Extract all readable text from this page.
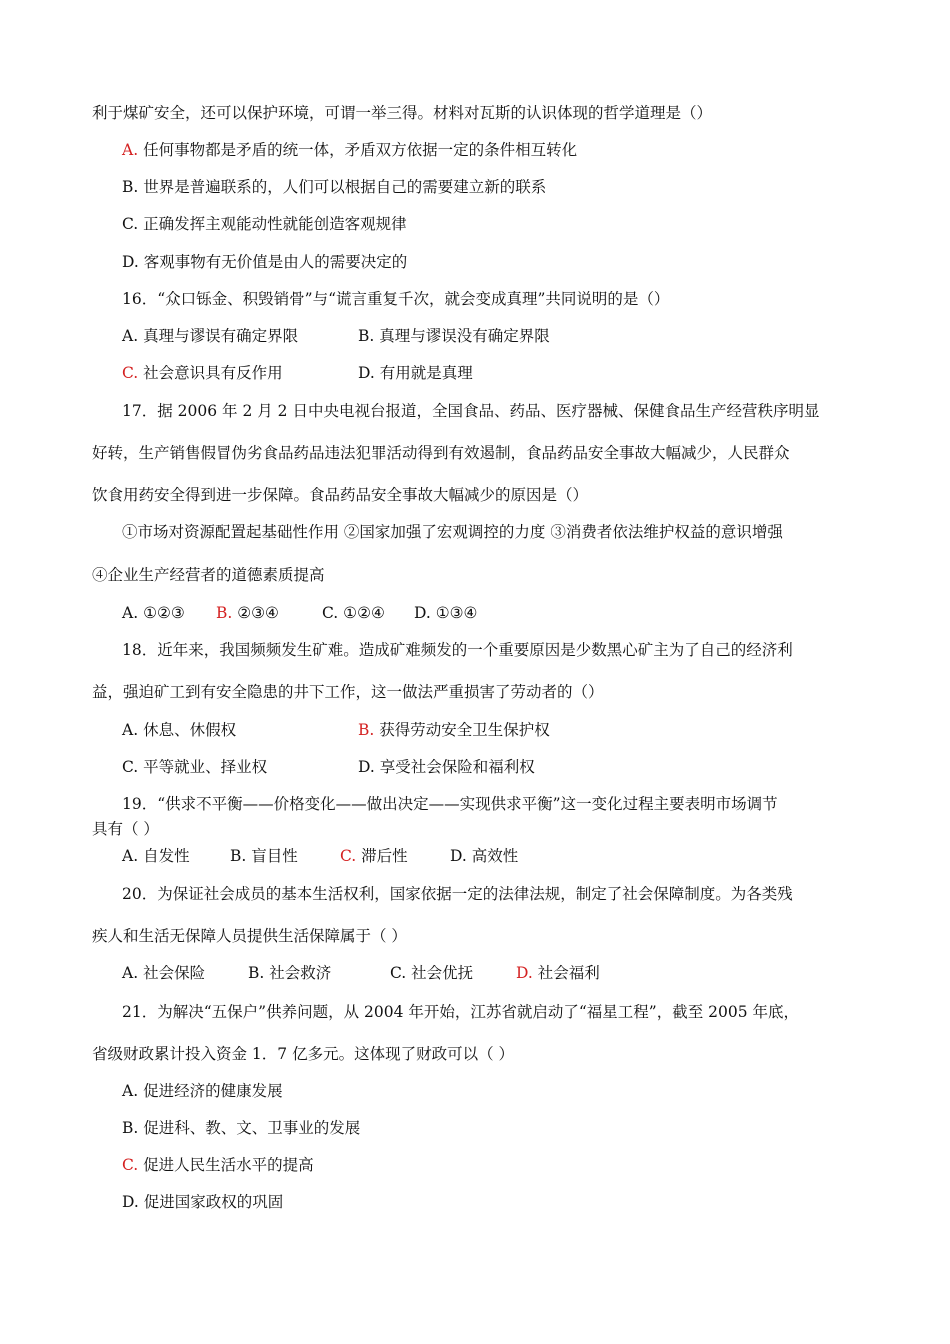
利于煤矿安全，还可以保护环境，可谓一举三得。材料对瓦斯的认识体现的哲学道理是（）
A. 任何事物都是矛盾的统一体，矛盾双方依据一定的条件相互转化
B. 世界是普遍联系的，人们可以根据自己的需要建立新的联系
C. 正确发挥主观能动性就能创造客观规律
D. 客观事物有无价值是由人的需要决定的
16．“众口铄金、积毁销骨”与“谎言重复千次，就会变成真理”共同说明的是（）
A. 真理与谬误有确定界限	B. 真理与谬误没有确定界限
C. 社会意识具有反作用	D. 有用就是真理
17．据 2006 年 2 月 2 日中央电视台报道，全国食品、药品、医疗器械、保健食品生产经营秩序明显
好转，生产销售假冒伪劣食品药品违法犯罪活动得到有效遏制，食品药品安全事故大幅减少，人民群众
饮食用药安全得到进一步保障。食品药品安全事故大幅减少的原因是（）
①市场对资源配置起基础性作用 ②国家加强了宏观调控的力度 ③消费者依法维护权益的意识增强
④企业生产经营者的道德素质提高
A. ①②③ B. ②③④	C. ①②④ D. ①③④
18．近年来，我国频频发生矿难。造成矿难频发的一个重要原因是少数黑心矿主为了自己的经济利
益，强迫矿工到有安全隐患的井下工作，这一做法严重损害了劳动者的（）
A. 休息、休假权	B. 获得劳动安全卫生保护权
C. 平等就业、择业权	D. 享受社会保险和福利权
19．“供求不平衡——价格变化——做出决定——实现供求平衡”这一变化过程主要表明市场调节
具有（ ）
A. 自发性	B. 盲目性	C. 滞后性	D. 高效性
20．为保证社会成员的基本生活权利，国家依据一定的法律法规，制定了社会保障制度。为各类残
疾人和生活无保障人员提供生活保障属于（ ）
A. 社会保险	B. 社会救济	C. 社会优抚	D. 社会福利
21．为解决“五保户”供养问题，从 2004 年开始，江苏省就启动了“福星工程”，截至 2005 年底，
省级财政累计投入资金 1．7 亿多元。这体现了财政可以（ ）
A. 促进经济的健康发展
B. 促进科、教、文、卫事业的发展
C. 促进人民生活水平的提高
D. 促进国家政权的巩固
